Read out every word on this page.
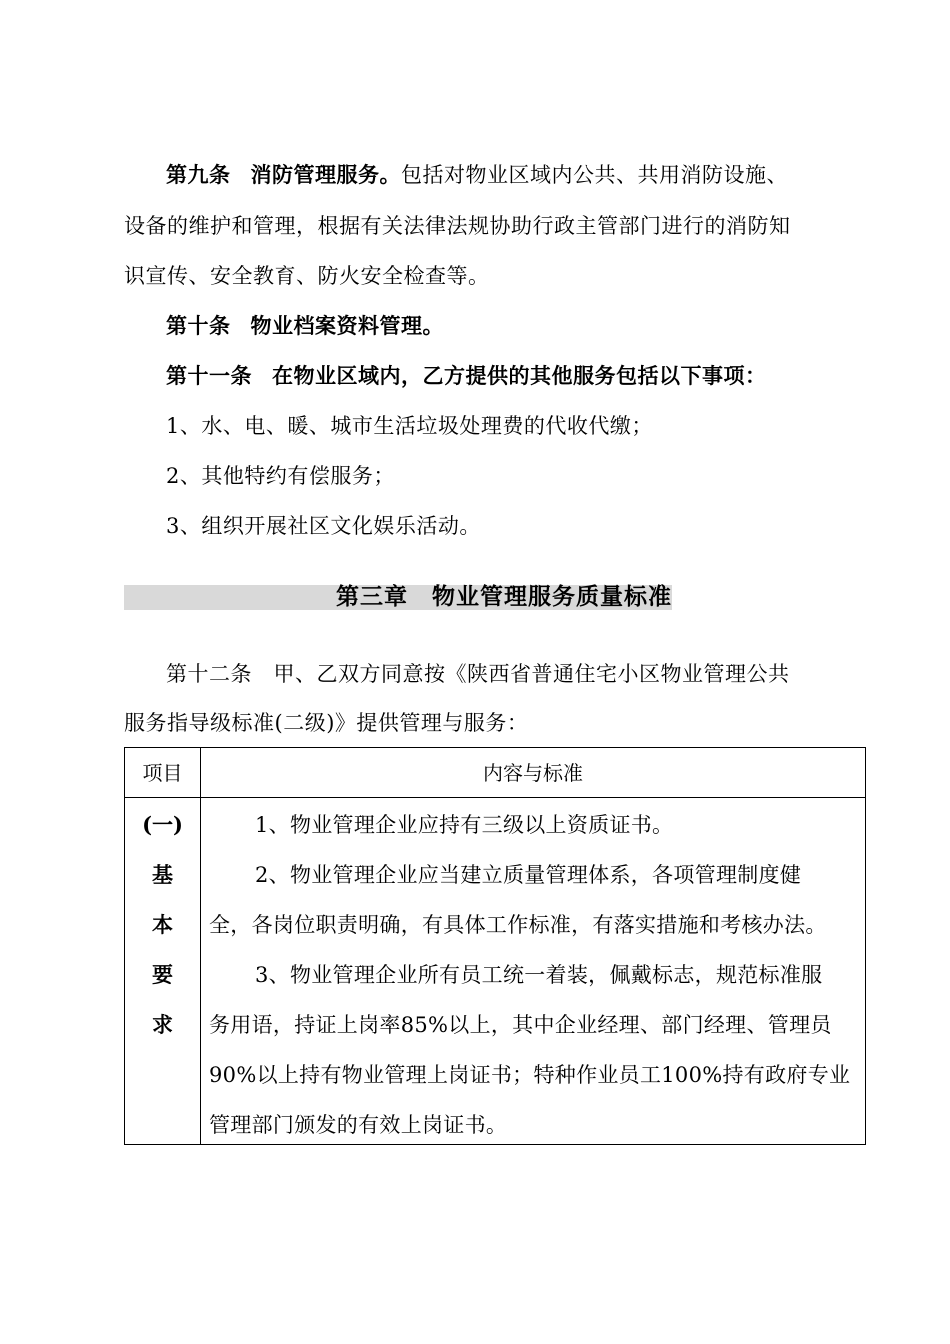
第九条 消防管理服务。包括对物业区域内公共、共用消防设施、
设备的维护和管理，根据有关法律法规协助行政主管部门进行的消防知
识宣传、安全教育、防火安全检查等。
第十条 物业档案资料管理。
第十一条 在物业区域内，乙方提供的其他服务包括以下事项：
1、水、电、暖、城市生活垃圾处理费的代收代缴；
2、其他特约有偿服务；
3、组织开展社区文化娱乐活动。
第三章　物业管理服务质量标准
第十二条　甲、乙双方同意按《陕西省普通住宅小区物业管理公共
服务指导级标准(二级)》提供管理与服务：
项目	内容与标准
(一)
基
本
要
求
1、物业管理企业应持有三级以上资质证书。
2、物业管理企业应当建立质量管理体系，各项管理制度健
全，各岗位职责明确，有具体工作标准，有落实措施和考核办法。
3、物业管理企业所有员工统一着装，佩戴标志，规范标准服
务用语，持证上岗率85%以上，其中企业经理、部门经理、管理员
90%以上持有物业管理上岗证书；特种作业员工100%持有政府专业
管理部门颁发的有效上岗证书。
